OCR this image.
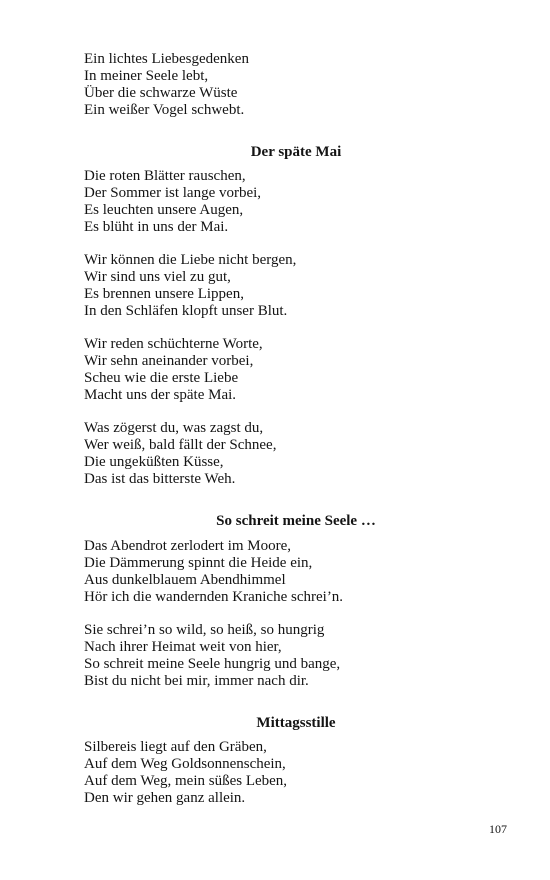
Ein lichtes Liebesgedenken
In meiner Seele lebt,
Über die schwarze Wüste
Ein weißer Vogel schwebt.
Der späte Mai
Die roten Blätter rauschen,
Der Sommer ist lange vorbei,
Es leuchten unsere Augen,
Es blüht in uns der Mai.
Wir können die Liebe nicht bergen,
Wir sind uns viel zu gut,
Es brennen unsere Lippen,
In den Schläfen klopft unser Blut.
Wir reden schüchterne Worte,
Wir sehn aneinander vorbei,
Scheu wie die erste Liebe
Macht uns der späte Mai.
Was zögerst du, was zagst du,
Wer weiß, bald fällt der Schnee,
Die ungeküßten Küsse,
Das ist das bitterste Weh.
So schreit meine Seele …
Das Abendrot zerlodert im Moore,
Die Dämmerung spinnt die Heide ein,
Aus dunkelblauem Abendhimmel
Hör ich die wandernden Kraniche schrei’n.
Sie schrei’n so wild, so heiß, so hungrig
Nach ihrer Heimat weit von hier,
So schreit meine Seele hungrig und bange,
Bist du nicht bei mir, immer nach dir.
Mittagsstille
Silbereis liegt auf den Gräben,
Auf dem Weg Goldsonnenschein,
Auf dem Weg, mein süßes Leben,
Den wir gehen ganz allein.
107
